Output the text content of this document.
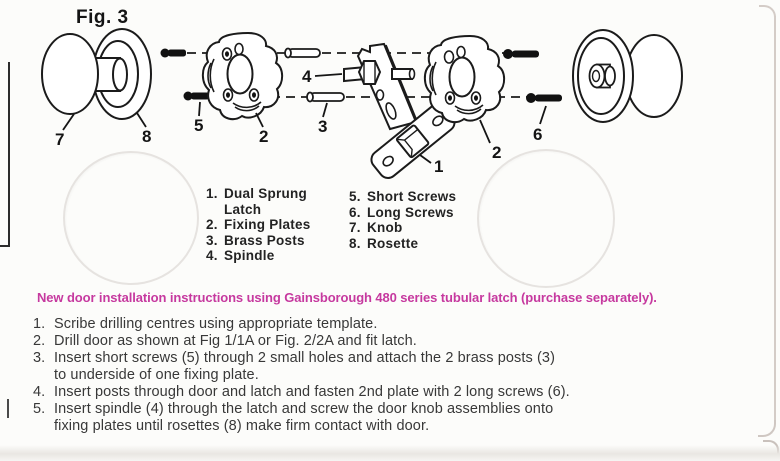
Fig. 3
7	8
5
2
3
4
1
2
6
1. Dual Sprung Latch
2. Fixing Plates
3. Brass Posts
4. Spindle
5. Short Screws
6. Long Screws
7. Knob
8. Rosette
New door installation instructions using Gainsborough 480 series tubular latch (purchase separately).
1. Scribe drilling centres using appropriate template.
2. Drill door as shown at Fig 1/1A or Fig. 2/2A and fit latch.
3. Insert short screws (5) through 2 small holes and attach the 2 brass posts (3)
to underside of one fixing plate.
4. Insert posts through door and latch and fasten 2nd plate with 2 long screws (6).
5. Insert spindle (4) through the latch and screw the door knob assemblies onto
fixing plates until rosettes (8) make firm contact with door.
